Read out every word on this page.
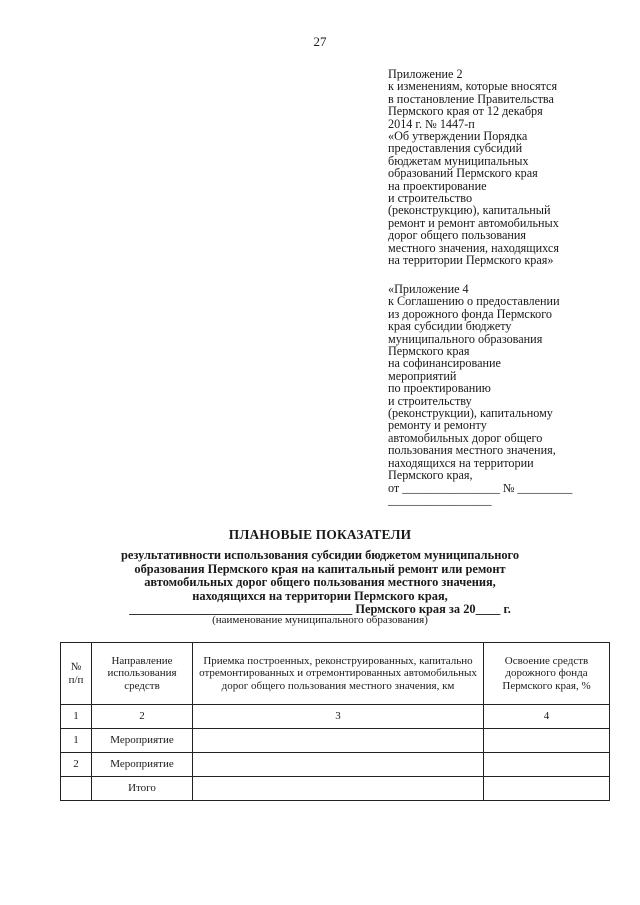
27
Приложение 2
к изменениям, которые вносятся
в постановление Правительства
Пермского края от 12 декабря
2014 г. № 1447-п
«Об утверждении Порядка
предоставления субсидий
бюджетам муниципальных
образований Пермского края
на проектирование
и строительство
(реконструкцию), капитальный
ремонт и ремонт автомобильных
дорог общего пользования
местного значения, находящихся
на территории Пермского края»
«Приложение 4
к Соглашению о предоставлении
из дорожного фонда Пермского
края субсидии бюджету
муниципального образования
Пермского края
на софинансирование
мероприятий
по проектированию
и строительству
(реконструкции), капитальному
ремонту и ремонту
автомобильных дорог общего
пользования местного значения,
находящихся на территории
Пермского края,
от ________________ № _________
_________________
ПЛАНОВЫЕ ПОКАЗАТЕЛИ
результативности использования субсидии бюджетом муниципального
образования Пермского края на капитальный ремонт или ремонт
автомобильных дорог общего пользования местного значения,
находящихся на территории Пермского края,
____________________________________ Пермского края за 20____ г.
(наименование муниципального образования)
№ п/п	Направление использования средств	Приемка построенных, реконструированных, капитально отремонтированных и отремонтированных автомобильных дорог общего пользования местного значения, км	Освоение средств дорожного фонда Пермского края, %
1	2	3	4
1	Мероприятие		
2	Мероприятие		
	Итого		
